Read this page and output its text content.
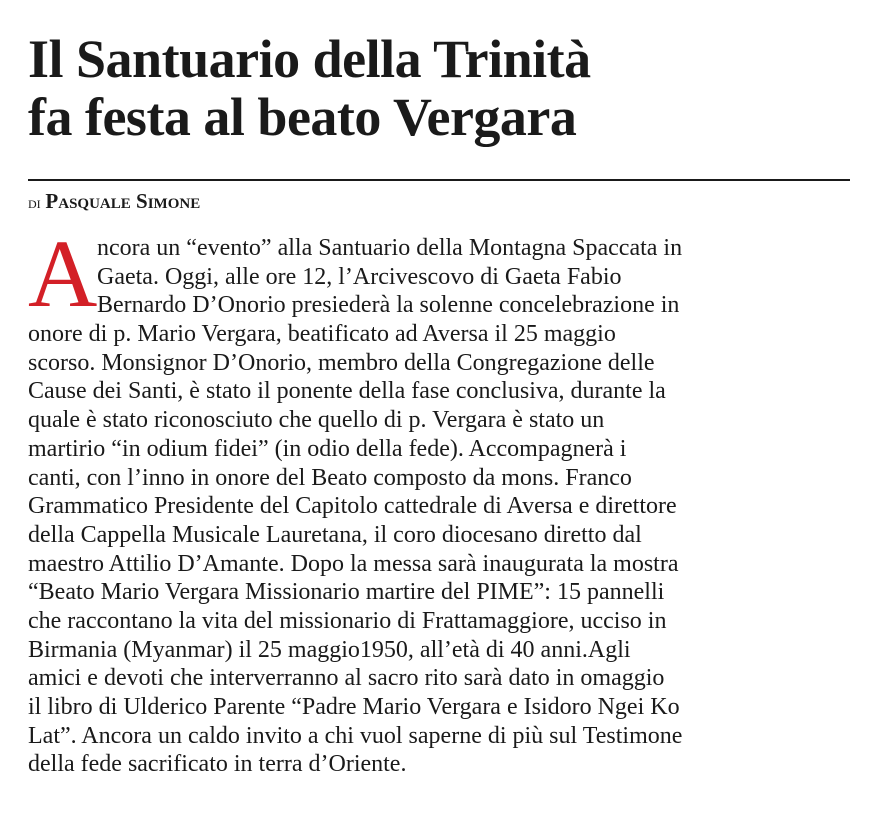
Il Santuario della Trinità
fa festa al beato Vergara
di Pasquale Simone
A ncora un “evento” alla Santuario della Montagna Spaccata in
Gaeta. Oggi, alle ore 12, l’Arcivescovo di Gaeta Fabio
Bernardo D’Onorio presiederà la solenne concelebrazione in
onore di p. Mario Vergara, beatificato ad Aversa il 25 maggio
scorso. Monsignor D’Onorio, membro della Congregazione delle
Cause dei Santi, è stato il ponente della fase conclusiva, durante la
quale è stato riconosciuto che quello di p. Vergara è stato un
martirio “in odium fidei” (in odio della fede). Accompagnerà i
canti, con l’inno in onore del Beato composto da mons. Franco
Grammatico Presidente del Capitolo cattedrale di Aversa e direttore
della Cappella Musicale Lauretana, il coro diocesano diretto dal
maestro Attilio D’Amante. Dopo la messa sarà inaugurata la mostra
“Beato Mario Vergara Missionario martire del PIME”: 15 pannelli
che raccontano la vita del missionario di Frattamaggiore, ucciso in
Birmania (Myanmar) il 25 maggio1950, all’età di 40 anni.Agli
amici e devoti che interverranno al sacro rito sarà dato in omaggio
il libro di Ulderico Parente “Padre Mario Vergara e Isidoro Ngei Ko
Lat”. Ancora un caldo invito a chi vuol saperne di più sul Testimone
della fede sacrificato in terra d’Oriente.
